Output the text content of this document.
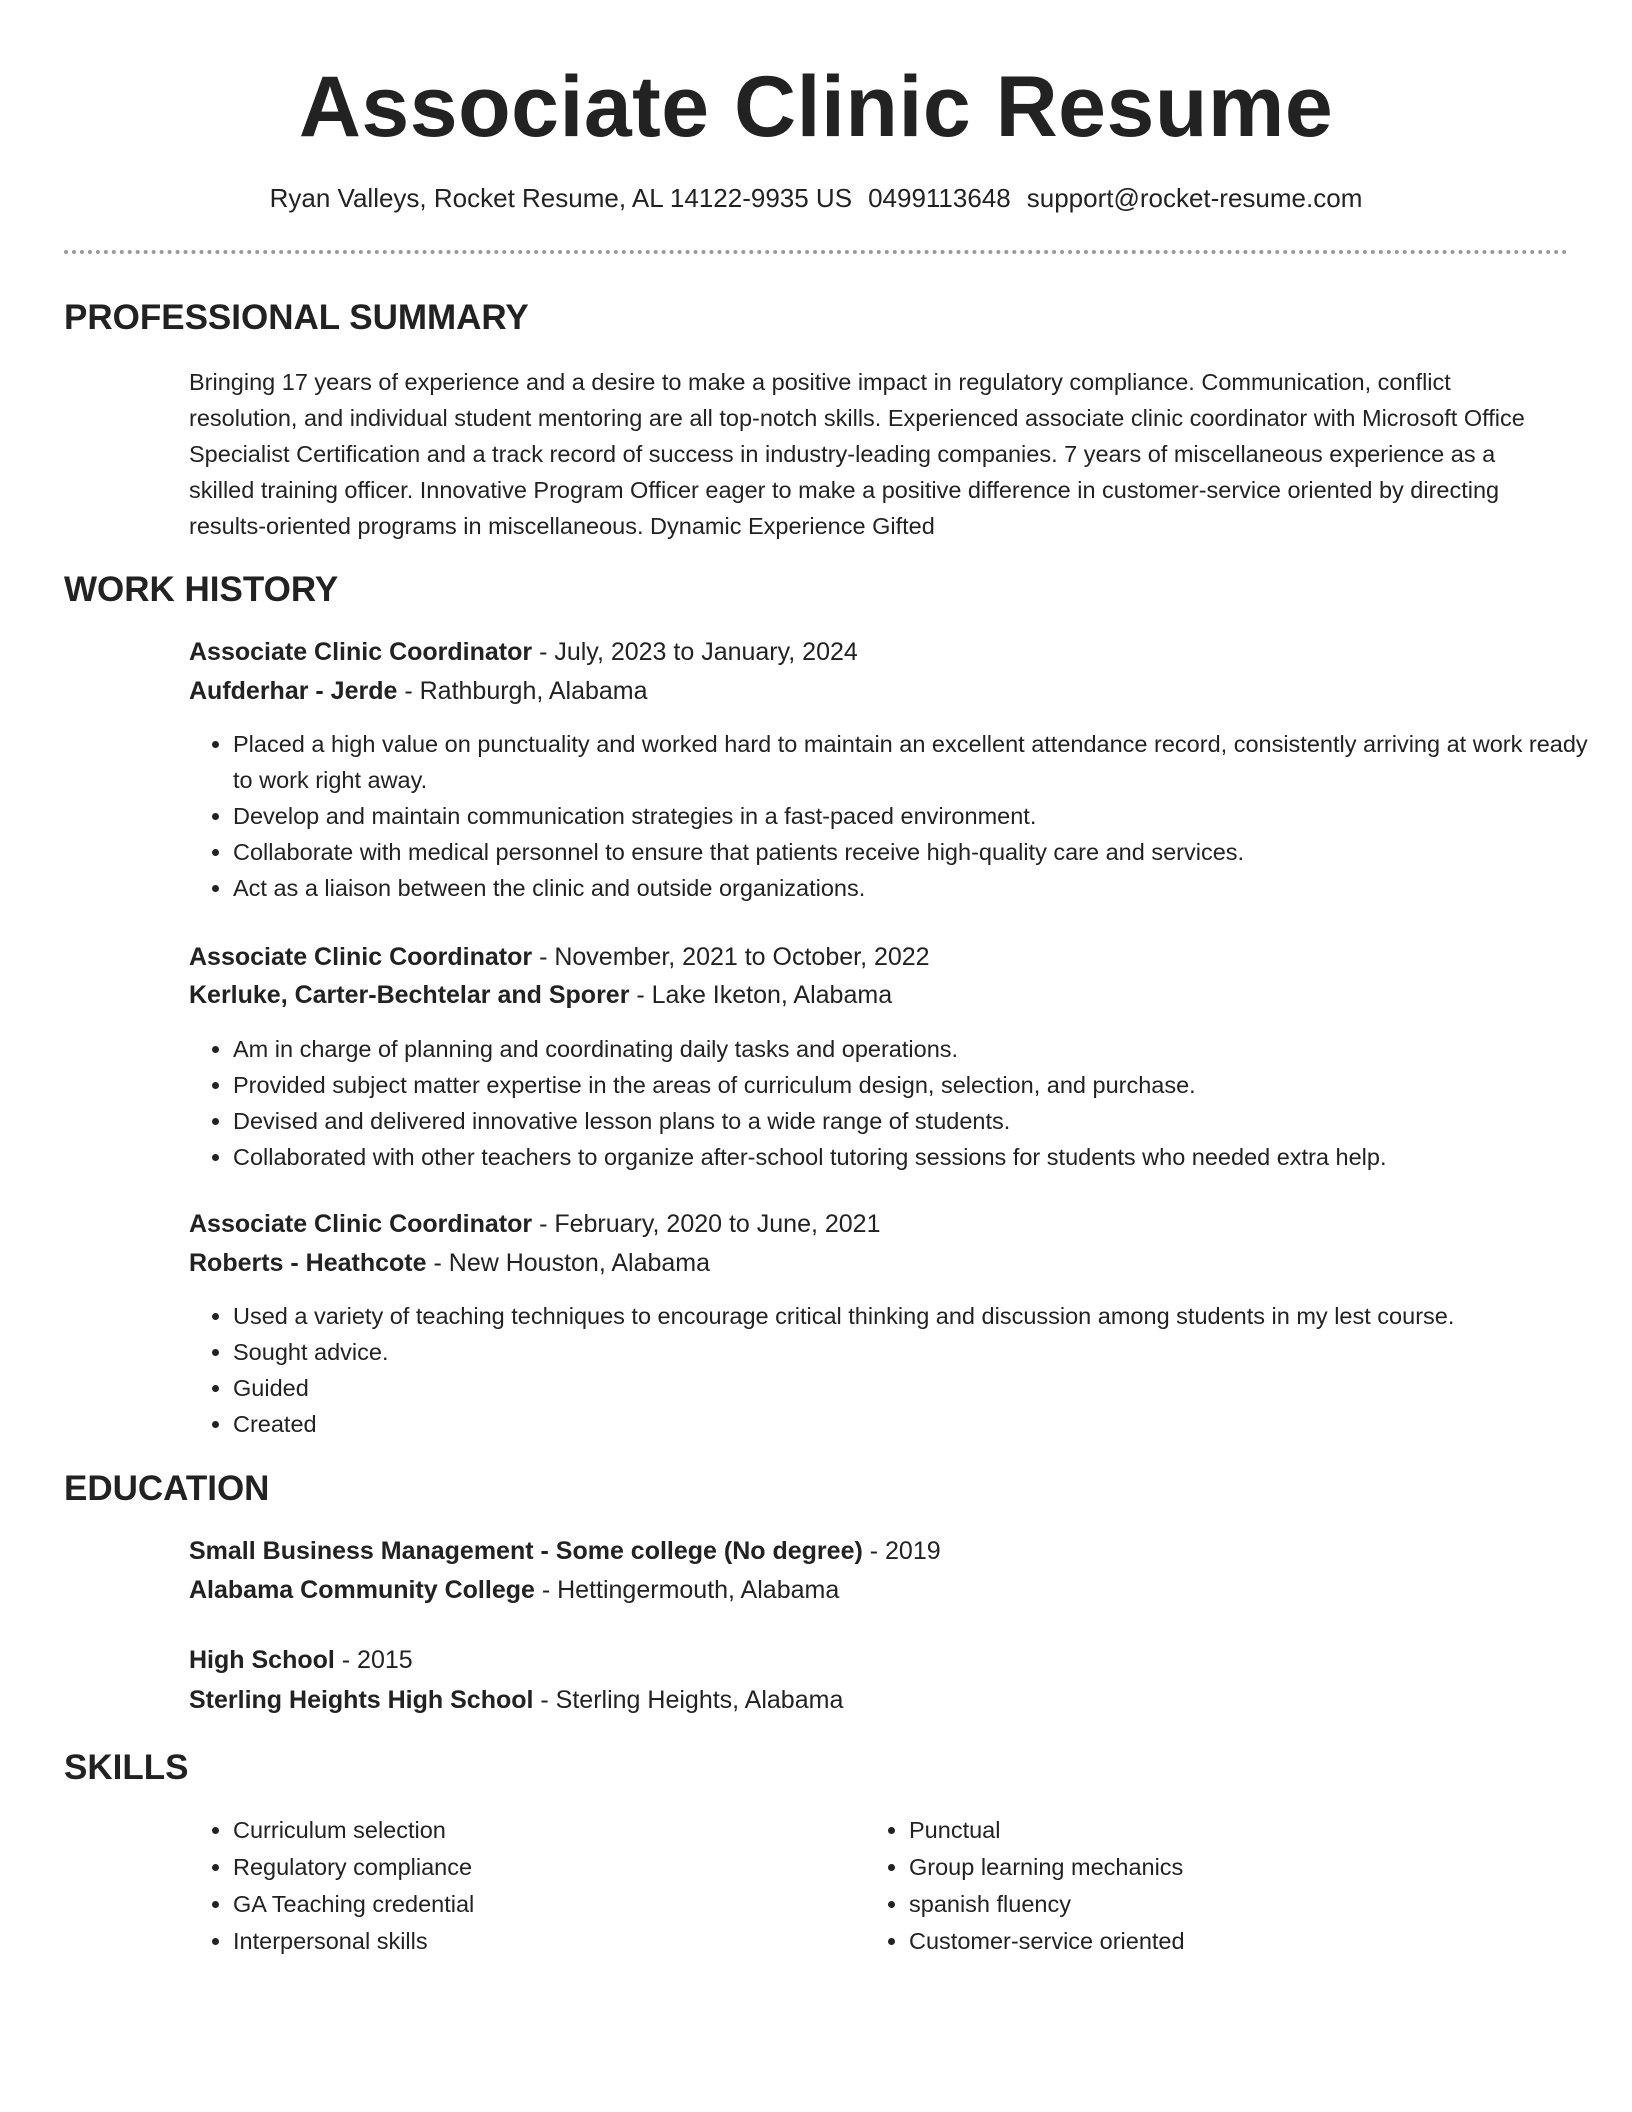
Associate Clinic Resume
Ryan Valleys, Rocket Resume, AL 14122-9935 US 0499113648 support@rocket-resume.com
PROFESSIONAL SUMMARY

Bringing 17 years of experience and a desire to make a positive impact in regulatory compliance. Communication, conflict resolution, and individual student mentoring are all top-notch skills. Experienced associate clinic coordinator with Microsoft Office Specialist Certification and a track record of success in industry-leading companies. 7 years of miscellaneous experience as a skilled training officer. Innovative Program Officer eager to make a positive difference in customer-service oriented by directing results-oriented programs in miscellaneous. Dynamic Experience Gifted

WORK HISTORY
Associate Clinic Coordinator - July, 2023 to January, 2024
Aufderhar - Jerde - Rathburgh, Alabama
• Placed a high value on punctuality and worked hard to maintain an excellent attendance record, consistently arriving at work ready to work right away.
• Develop and maintain communication strategies in a fast-paced environment.
• Collaborate with medical personnel to ensure that patients receive high-quality care and services.
• Act as a liaison between the clinic and outside organizations.
Associate Clinic Coordinator - November, 2021 to October, 2022
Kerluke, Carter-Bechtelar and Sporer - Lake Iketon, Alabama
• Am in charge of planning and coordinating daily tasks and operations.
• Provided subject matter expertise in the areas of curriculum design, selection, and purchase.
• Devised and delivered innovative lesson plans to a wide range of students.
• Collaborated with other teachers to organize after-school tutoring sessions for students who needed extra help.
Associate Clinic Coordinator - February, 2020 to June, 2021
Roberts - Heathcote - New Houston, Alabama
• Used a variety of teaching techniques to encourage critical thinking and discussion among students in my lest course.
• Sought advice.
• Guided
• Created
EDUCATION
Small Business Management - Some college (No degree) - 2019
Alabama Community College - Hettingermouth, Alabama
High School - 2015
Sterling Heights High School - Sterling Heights, Alabama
SKILLS
• Curriculum selection
• Regulatory compliance
• GA Teaching credential
• Interpersonal skills
• Punctual
• Group learning mechanics
• spanish fluency
• Customer-service oriented
